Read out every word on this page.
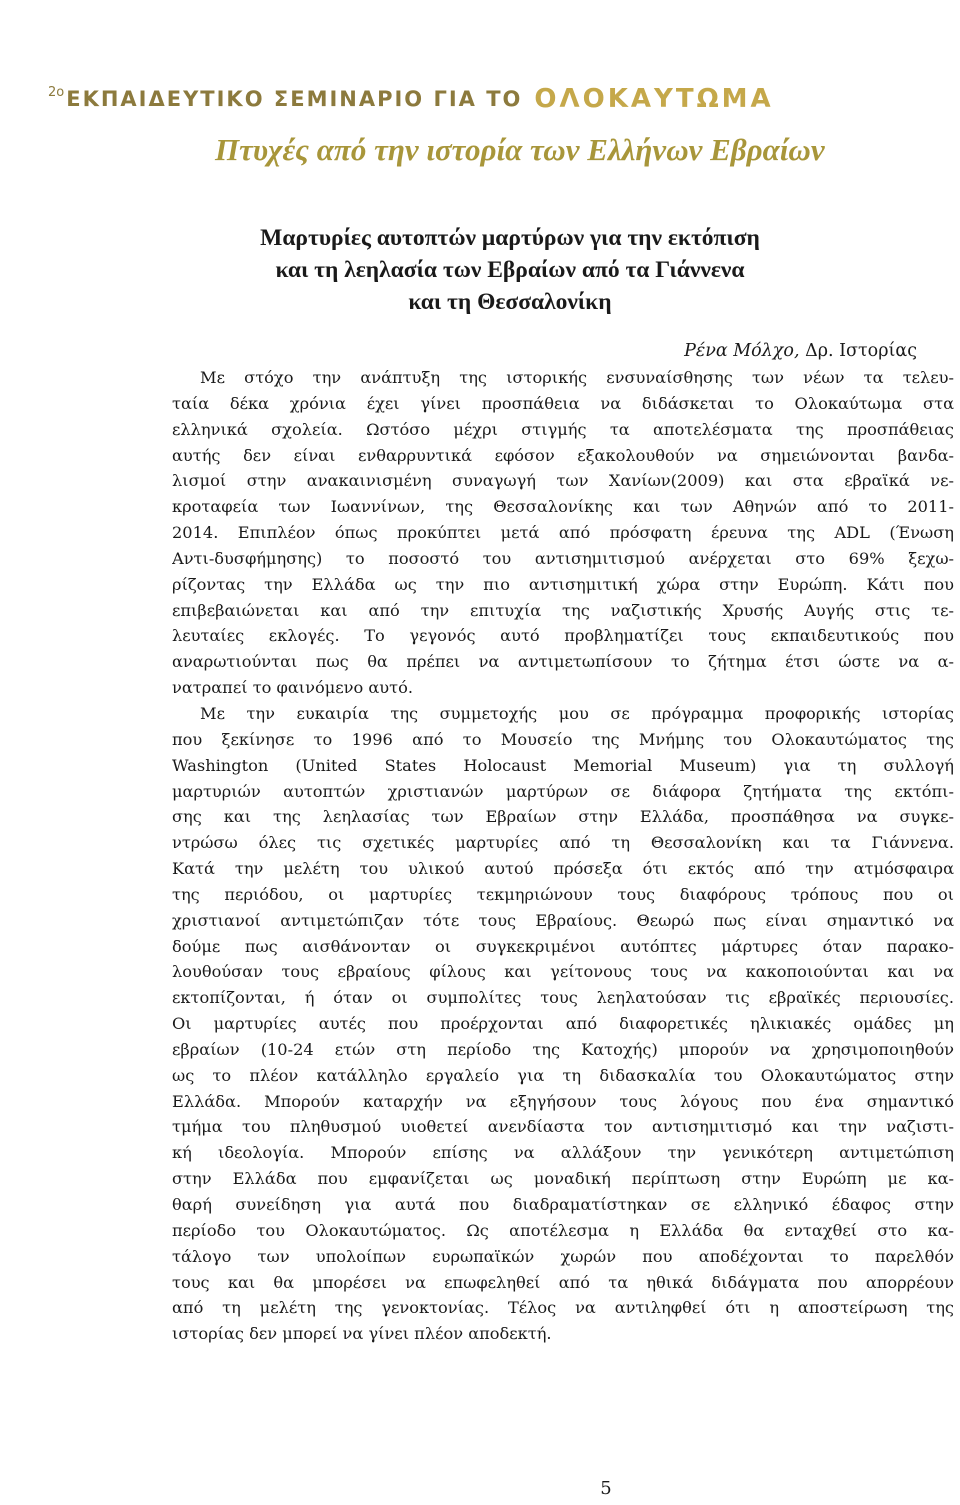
2ο ΕΚΠΑΙΔΕΥΤΙΚΟ ΣΕΜΙΝΑΡΙΟ ΓΙΑ ΤΟ ΟΛΟΚΑΥΤΩΜΑ
Πτυχές από την ιστορία των Ελλήνων Εβραίων
Μαρτυρίες αυτοπτών μαρτύρων για την εκτόπιση
και τη λεηλασία των Εβραίων από τα Γιάννενα
και τη Θεσσαλονίκη
Ρένα Μόλχο, Δρ. Ιστορίας
Με στόχο την ανάπτυξη της ιστορικής ενσυναίσθησης των νέων τα τελευ-
ταία δέκα χρόνια έχει γίνει προσπάθεια να διδάσκεται το Ολοκαύτωμα στα
ελληνικά σχολεία. Ωστόσο μέχρι στιγμής τα αποτελέσματα της προσπάθειας
αυτής δεν είναι ενθαρρυντικά εφόσον εξακολουθούν να σημειώνονται βανδα-
λισμοί στην ανακαινισμένη συναγωγή των Χανίων(2009) και στα εβραϊκά νε-
κροταφεία των Ιωαννίνων, της Θεσσαλονίκης και των Αθηνών από το 2011-
2014. Επιπλέον όπως προκύπτει μετά από πρόσφατη έρευνα της ADL (Ένωση
Αντι-δυσφήμησης) το ποσοστό του αντισημιτισμού ανέρχεται στο 69% ξεχω-
ρίζοντας την Ελλάδα ως την πιο αντισημιτική χώρα στην Ευρώπη. Κάτι που
επιβεβαιώνεται και από την επιτυχία της ναζιστικής Χρυσής Αυγής στις τε-
λευταίες εκλογές. Το γεγονός αυτό προβληματίζει τους εκπαιδευτικούς που
αναρωτιούνται πως θα πρέπει να αντιμετωπίσουν το ζήτημα έτσι ώστε να α-
νατραπεί το φαινόμενο αυτό.
Με την ευκαιρία της συμμετοχής μου σε πρόγραμμα προφορικής ιστορίας
που ξεκίνησε το 1996 από το Μουσείο της Μνήμης του Ολοκαυτώματος της
Washington (United States Holocaust Memorial Museum) για τη συλλογή
μαρτυριών αυτοπτών χριστιανών μαρτύρων σε διάφορα ζητήματα της εκτόπι-
σης και της λεηλασίας των Εβραίων στην Ελλάδα, προσπάθησα να συγκε-
ντρώσω όλες τις σχετικές μαρτυρίες από τη Θεσσαλονίκη και τα Γιάννενα.
Κατά την μελέτη του υλικού αυτού πρόσεξα ότι εκτός από την ατμόσφαιρα
της περιόδου, οι μαρτυρίες τεκμηριώνουν τους διαφόρους τρόπους που οι
χριστιανοί αντιμετώπιζαν τότε τους Εβραίους. Θεωρώ πως είναι σημαντικό να
δούμε πως αισθάνονταν οι συγκεκριμένοι αυτόπτες μάρτυρες όταν παρακο-
λουθούσαν τους εβραίους φίλους και γείτονους τους να κακοποιούνται και να
εκτοπίζονται, ή όταν οι συμπολίτες τους λεηλατούσαν τις εβραϊκές περιουσίες.
Οι μαρτυρίες αυτές που προέρχονται από διαφορετικές ηλικιακές ομάδες μη
εβραίων (10-24 ετών στη περίοδο της Κατοχής) μπορούν να χρησιμοποιηθούν
ως το πλέον κατάλληλο εργαλείο για τη διδασκαλία του Ολοκαυτώματος στην
Ελλάδα. Μπορούν καταρχήν να εξηγήσουν τους λόγους που ένα σημαντικό
τμήμα του πληθυσμού υιοθετεί ανενδίαστα τον αντισημιτισμό και την ναζιστι-
κή ιδεολογία. Μπορούν επίσης να αλλάξουν την γενικότερη αντιμετώπιση
στην Ελλάδα που εμφανίζεται ως μοναδική περίπτωση στην Ευρώπη με κα-
θαρή συνείδηση για αυτά που διαδραματίστηκαν σε ελληνικό έδαφος στην
περίοδο του Ολοκαυτώματος. Ως αποτέλεσμα η Ελλάδα θα ενταχθεί στο κα-
τάλογο των υπολοίπων ευρωπαϊκών χωρών που αποδέχονται το παρελθόν
τους και θα μπορέσει να επωφεληθεί από τα ηθικά διδάγματα που απορρέουν
από τη μελέτη της γενοκτονίας. Τέλος να αντιληφθεί ότι η αποστείρωση της
ιστορίας δεν μπορεί να γίνει πλέον αποδεκτή.
5
